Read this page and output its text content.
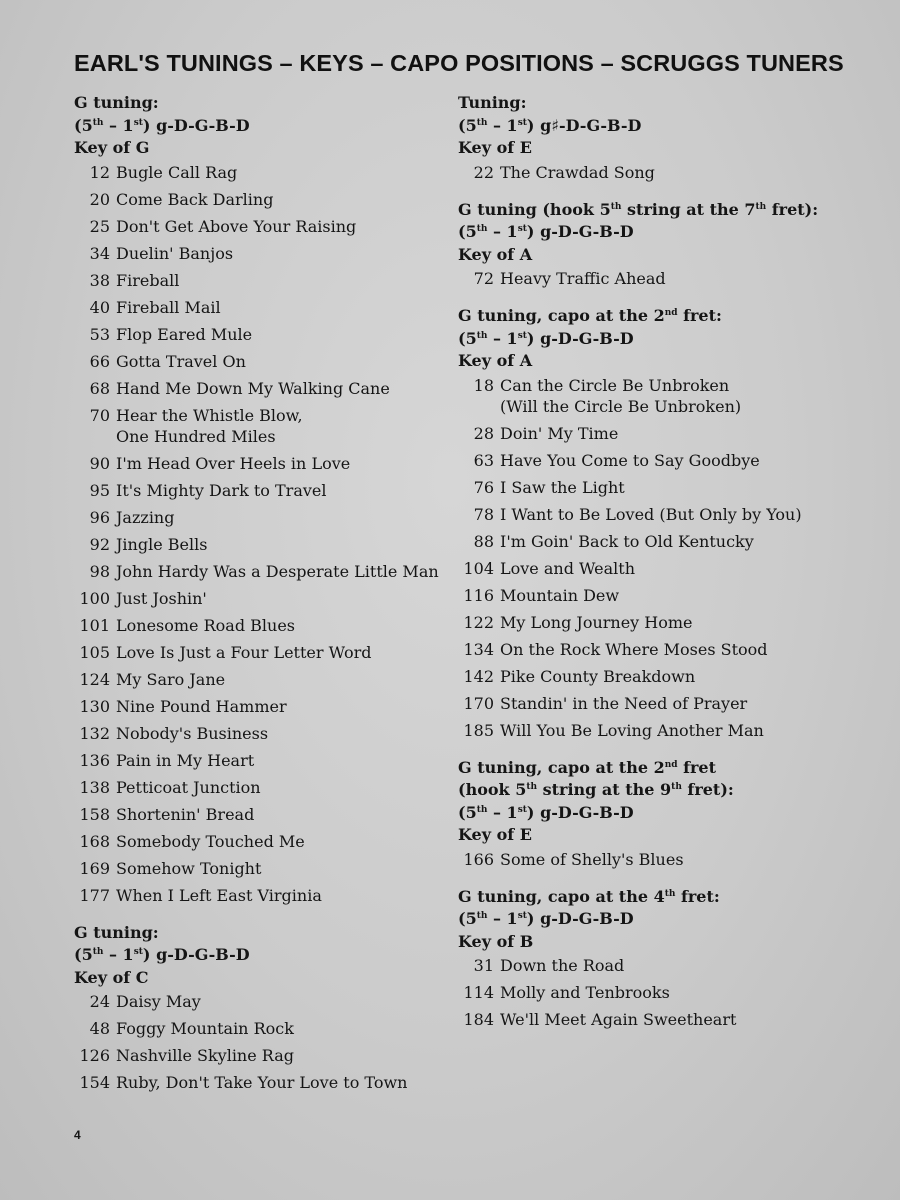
EARL'S TUNINGS – KEYS – CAPO POSITIONS – SCRUGGS TUNERS
G tuning:
(5th – 1st) g-D-G-B-D
Key of G
12 Bugle Call Rag
20 Come Back Darling
25 Don't Get Above Your Raising
34 Duelin' Banjos
38 Fireball
40 Fireball Mail
53 Flop Eared Mule
66 Gotta Travel On
68 Hand Me Down My Walking Cane
70 Hear the Whistle Blow,
One Hundred Miles
90 I'm Head Over Heels in Love
95 It's Mighty Dark to Travel
96 Jazzing
92 Jingle Bells
98 John Hardy Was a Desperate Little Man
100 Just Joshin'
101 Lonesome Road Blues
105 Love Is Just a Four Letter Word
124 My Saro Jane
130 Nine Pound Hammer
132 Nobody's Business
136 Pain in My Heart
138 Petticoat Junction
158 Shortenin' Bread
168 Somebody Touched Me
169 Somehow Tonight
177 When I Left East Virginia
G tuning:
(5th – 1st) g-D-G-B-D
Key of C
24 Daisy May
48 Foggy Mountain Rock
126 Nashville Skyline Rag
154 Ruby, Don't Take Your Love to Town
Tuning:
(5th – 1st) g♯-D-G-B-D
Key of E
22 The Crawdad Song
G tuning (hook 5th string at the 7th fret):
(5th – 1st) g-D-G-B-D
Key of A
72 Heavy Traffic Ahead
G tuning, capo at the 2nd fret:
(5th – 1st) g-D-G-B-D
Key of A
18 Can the Circle Be Unbroken
(Will the Circle Be Unbroken)
28 Doin' My Time
63 Have You Come to Say Goodbye
76 I Saw the Light
78 I Want to Be Loved (But Only by You)
88 I'm Goin' Back to Old Kentucky
104 Love and Wealth
116 Mountain Dew
122 My Long Journey Home
134 On the Rock Where Moses Stood
142 Pike County Breakdown
170 Standin' in the Need of Prayer
185 Will You Be Loving Another Man
G tuning, capo at the 2nd fret
(hook 5th string at the 9th fret):
(5th – 1st) g-D-G-B-D
Key of E
166 Some of Shelly's Blues
G tuning, capo at the 4th fret:
(5th – 1st) g-D-G-B-D
Key of B
31 Down the Road
114 Molly and Tenbrooks
184 We'll Meet Again Sweetheart
4
